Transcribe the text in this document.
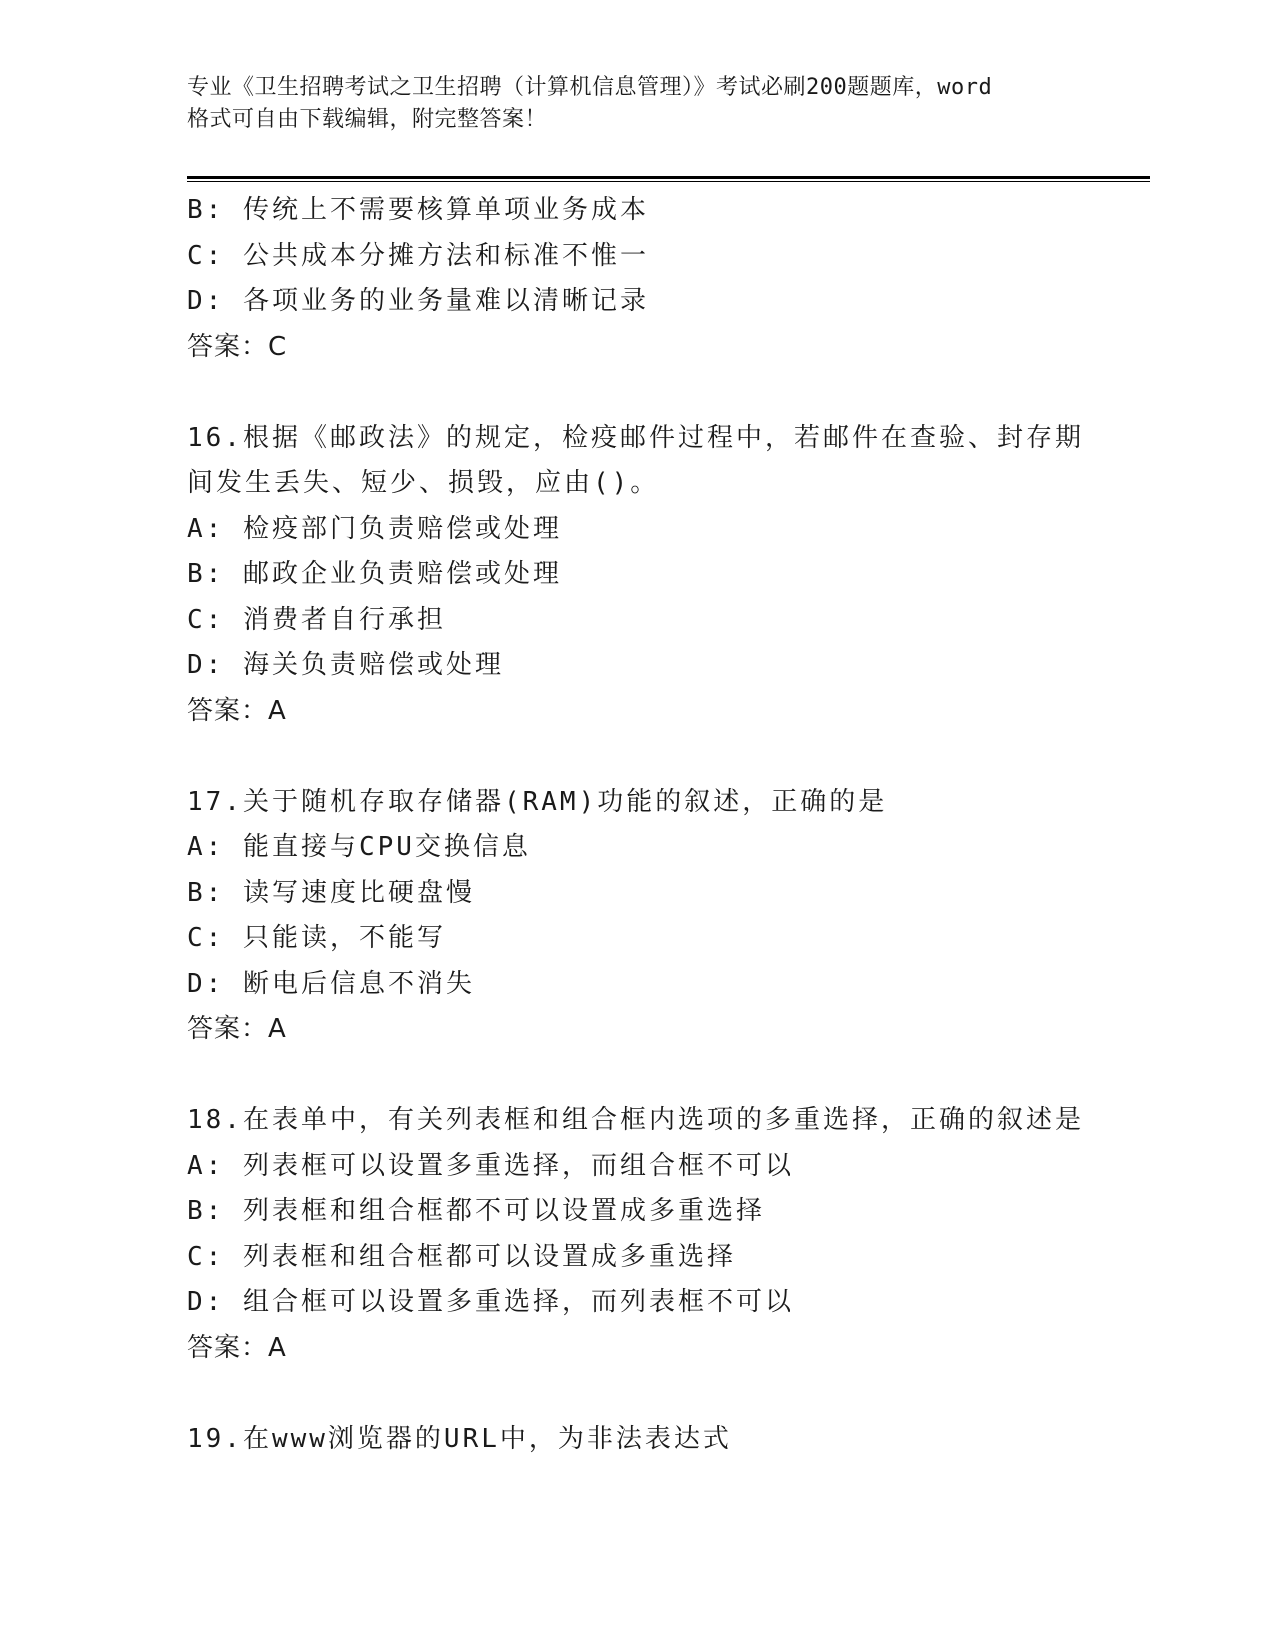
专业《卫生招聘考试之卫生招聘（计算机信息管理）》考试必刷200题题库，word
格式可自由下载编辑，附完整答案！
B: 传统上不需要核算单项业务成本
C: 公共成本分摊方法和标准不惟一
D: 各项业务的业务量难以清晰记录
答案：C
16.根据《邮政法》的规定，检疫邮件过程中，若邮件在查验、封存期
间发生丢失、短少、损毁，应由()。
A: 检疫部门负责赔偿或处理
B: 邮政企业负责赔偿或处理
C: 消费者自行承担
D: 海关负责赔偿或处理
答案：A
17.关于随机存取存储器(RAM)功能的叙述，正确的是
A: 能直接与CPU交换信息
B: 读写速度比硬盘慢
C: 只能读，不能写
D: 断电后信息不消失
答案：A
18.在表单中，有关列表框和组合框内选项的多重选择，正确的叙述是
A: 列表框可以设置多重选择，而组合框不可以
B: 列表框和组合框都不可以设置成多重选择
C: 列表框和组合框都可以设置成多重选择
D: 组合框可以设置多重选择，而列表框不可以
答案：A
19.在www浏览器的URL中，为非法表达式
